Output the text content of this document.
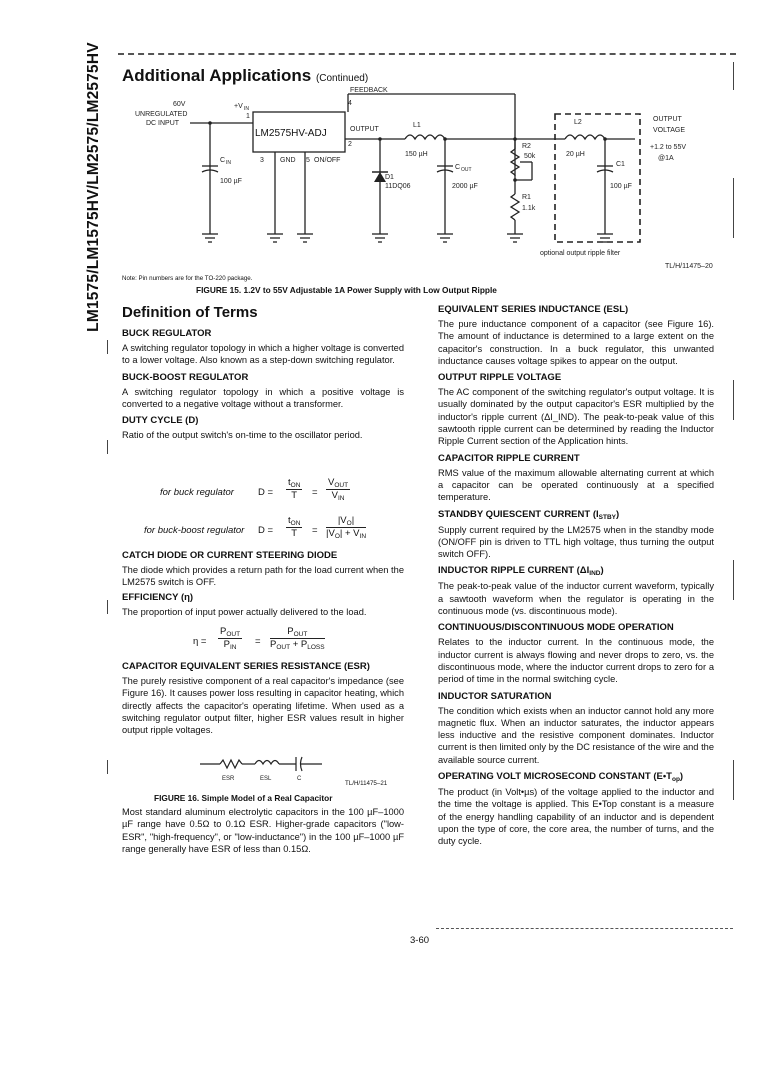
LM1575/LM1575HV/LM2575/LM2575HV Additional Applications (Continued)
60V
UNREGULATED
DC INPUT
+V IN
FEEDBACK
4
OUTPUT
1
2
3 GND 5 ON/OFF
C IN
100 µF
L1
150 µH
D1
11DQ06
C OUT
2000 µF
R2
50k
R1
1.1k
L2
20 µH
C1
100 µF
OUTPUT
VOLTAGE
+1.2 to 55V
@1A
optional output ripple filter
TL/H/11475–20
LM2575HV-ADJ
Note: Pin numbers are for the TO-220 package.
FIGURE 15. 1.2V to 55V Adjustable 1A Power Supply with Low Output Ripple
Definition of Terms
BUCK REGULATOR
A switching regulator topology in which a higher voltage is converted to a lower voltage. Also known as a step-down switching regulator.
BUCK-BOOST REGULATOR
A switching regulator topology in which a positive voltage is converted to a negative voltage without a transformer.
DUTY CYCLE (D)
Ratio of the output switch's on-time to the oscillator period.
for buck regulator	D =
$t_{ON}$
T	=
$V_{OUT}$
$V_{IN}$
for buck-boost regulator D =
$t_{ON}$
T	=
$|V_O|$
$|V_O| + V_{IN}$
CATCH DIODE OR CURRENT STEERING DIODE
The diode which provides a return path for the load current when the LM2575 switch is OFF.
EFFICIENCY (η)
The proportion of input power actually delivered to the load.
η =
$P_{OUT}$
$P_{IN}$
=
$P_{OUT}$
$P_{OUT} + P_{LOSS}$
CAPACITOR EQUIVALENT SERIES RESISTANCE (ESR)
The purely resistive component of a real capacitor's impedance (see Figure 16). It causes power loss resulting in capacitor heating, which directly affects the capacitor's operating lifetime. When used as a switching regulator output filter, higher ESR values result in higher output ripple voltages.
ESR	ESL	C
TL/H/11475–21
FIGURE 16. Simple Model of a Real Capacitor
Most standard aluminum electrolytic capacitors in the 100 µF–1000 µF range have 0.5Ω to 0.1Ω ESR. Higher-grade capacitors ("low-ESR", "high-frequency", or "low-inductance") in the 100 µF–1000 µF range generally have ESR of less than 0.15Ω.
EQUIVALENT SERIES INDUCTANCE (ESL)
The pure inductance component of a capacitor (see Figure 16). The amount of inductance is determined to a large extent on the capacitor's construction. In a buck regulator, this unwanted inductance causes voltage spikes to appear on the output.
OUTPUT RIPPLE VOLTAGE
The AC component of the switching regulator's output voltage. It is usually dominated by the output capacitor's ESR multiplied by the inductor's ripple current (ΔI_IND). The peak-to-peak value of this sawtooth ripple current can be determined by reading the Inductor Ripple Current section of the Application hints.
CAPACITOR RIPPLE CURRENT
RMS value of the maximum allowable alternating current at which a capacitor can be operated continuously at a specified temperature.
STANDBY QUIESCENT CURRENT $(I_{STBY})$
Supply current required by the LM2575 when in the standby mode (ON/OFF pin is driven to TTL high voltage, thus turning the output switch OFF).
INDUCTOR RIPPLE CURRENT $(\Delta I_{IND})$
The peak-to-peak value of the inductor current waveform, typically a sawtooth waveform when the regulator is operating in the continuous mode (vs. discontinuous mode).
CONTINUOUS/DISCONTINUOUS MODE OPERATION
Relates to the inductor current. In the continuous mode, the inductor current is always flowing and never drops to zero, vs. the discontinuous mode, where the inductor current drops to zero for a period of time in the normal switching cycle.
INDUCTOR SATURATION
The condition which exists when an inductor cannot hold any more magnetic flux. When an inductor saturates, the inductor appears less inductive and the resistive component dominates. Inductor current is then limited only by the DC resistance of the wire and the available source current.
OPERATING VOLT MICROSECOND CONSTANT $(E•T_{op})$
The product (in Volt•µs) of the voltage applied to the inductor and the time the voltage is applied. This E•Top constant is a measure of the energy handling capability of an inductor and is dependent upon the type of core, the core area, the number of turns, and the duty cycle.
3-60
